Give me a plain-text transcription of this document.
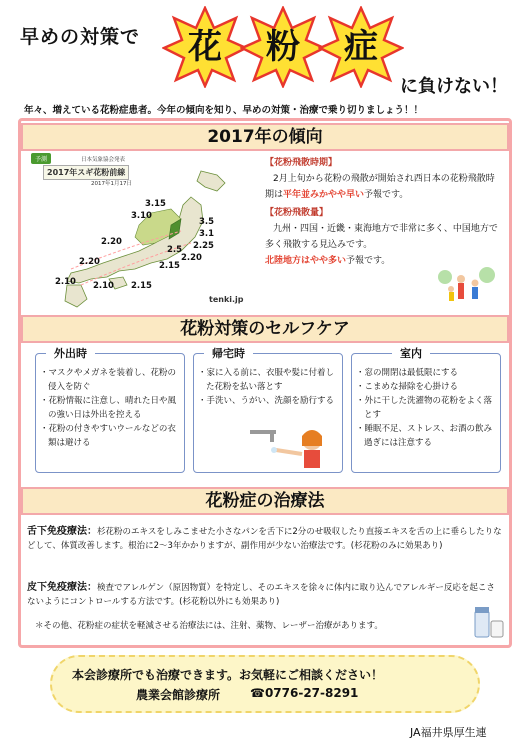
早めの対策で	花	粉	症
に負けない！
年々、増えている花粉症患者。今年の傾向を知り、早めの対策・治療で乗り切りましょう！！
2017年の傾向
予測	日本気象協会発表
2017年スギ花粉前線
2017年1月17日
3.15
3.10
3.5
3.1
2.25
2.20
2.20	2.20
2.15
2.15
2.10 2.10
2.5
tenki.jp
【花粉飛散時期】
2月上旬から花粉の飛散が開始され西日本の花粉飛散時期は平年並みかやや早い予報です。
【花粉飛散量】
九州・四国・近畿・東海地方で非常に多く、中国地方で多く飛散する見込みです。
北陸地方はやや多い予報です。
花粉対策のセルフケア
外出時
・マスクやメガネを装着し、花粉の侵入を防ぐ
・花粉情報に注意し、晴れた日や風の強い日は外出を控える
・花粉の付きやすいウールなどの衣類は避ける
帰宅時
・家に入る前に、衣服や髪に付着した花粉を払い落とす
・手洗い、うがい、洗顔を励行する
室内
・窓の開閉は最低限にする
・こまめな掃除を心掛ける
・外に干した洗濯物の花粉をよく落とす
・睡眠不足、ストレス、お酒の飲み過ぎには注意する
花粉症の治療法
舌下免疫療法：杉花粉のエキスをしみこませた小さなパンを舌下に2分のせ吸収したり直接エキスを舌の上に垂らしたりなどして、体質改善します。根治に2～3年かかりますが、副作用が少ない治療法です。(杉花粉のみに効果あり)
皮下免疫療法：検査でアレルゲン（原因物質）を特定し、そのエキスを徐々に体内に取り込んでアレルギー反応を起こさないようにコントロールする方法です。(杉花粉以外にも効果あり)
＊その他、花粉症の症状を軽減させる治療法には、注射、薬物、レーザー治療があります。
本会診療所でも治療できます。お気軽にご相談ください！
農業会館診療所 ☎0776-27-8291
JA福井県厚生連
